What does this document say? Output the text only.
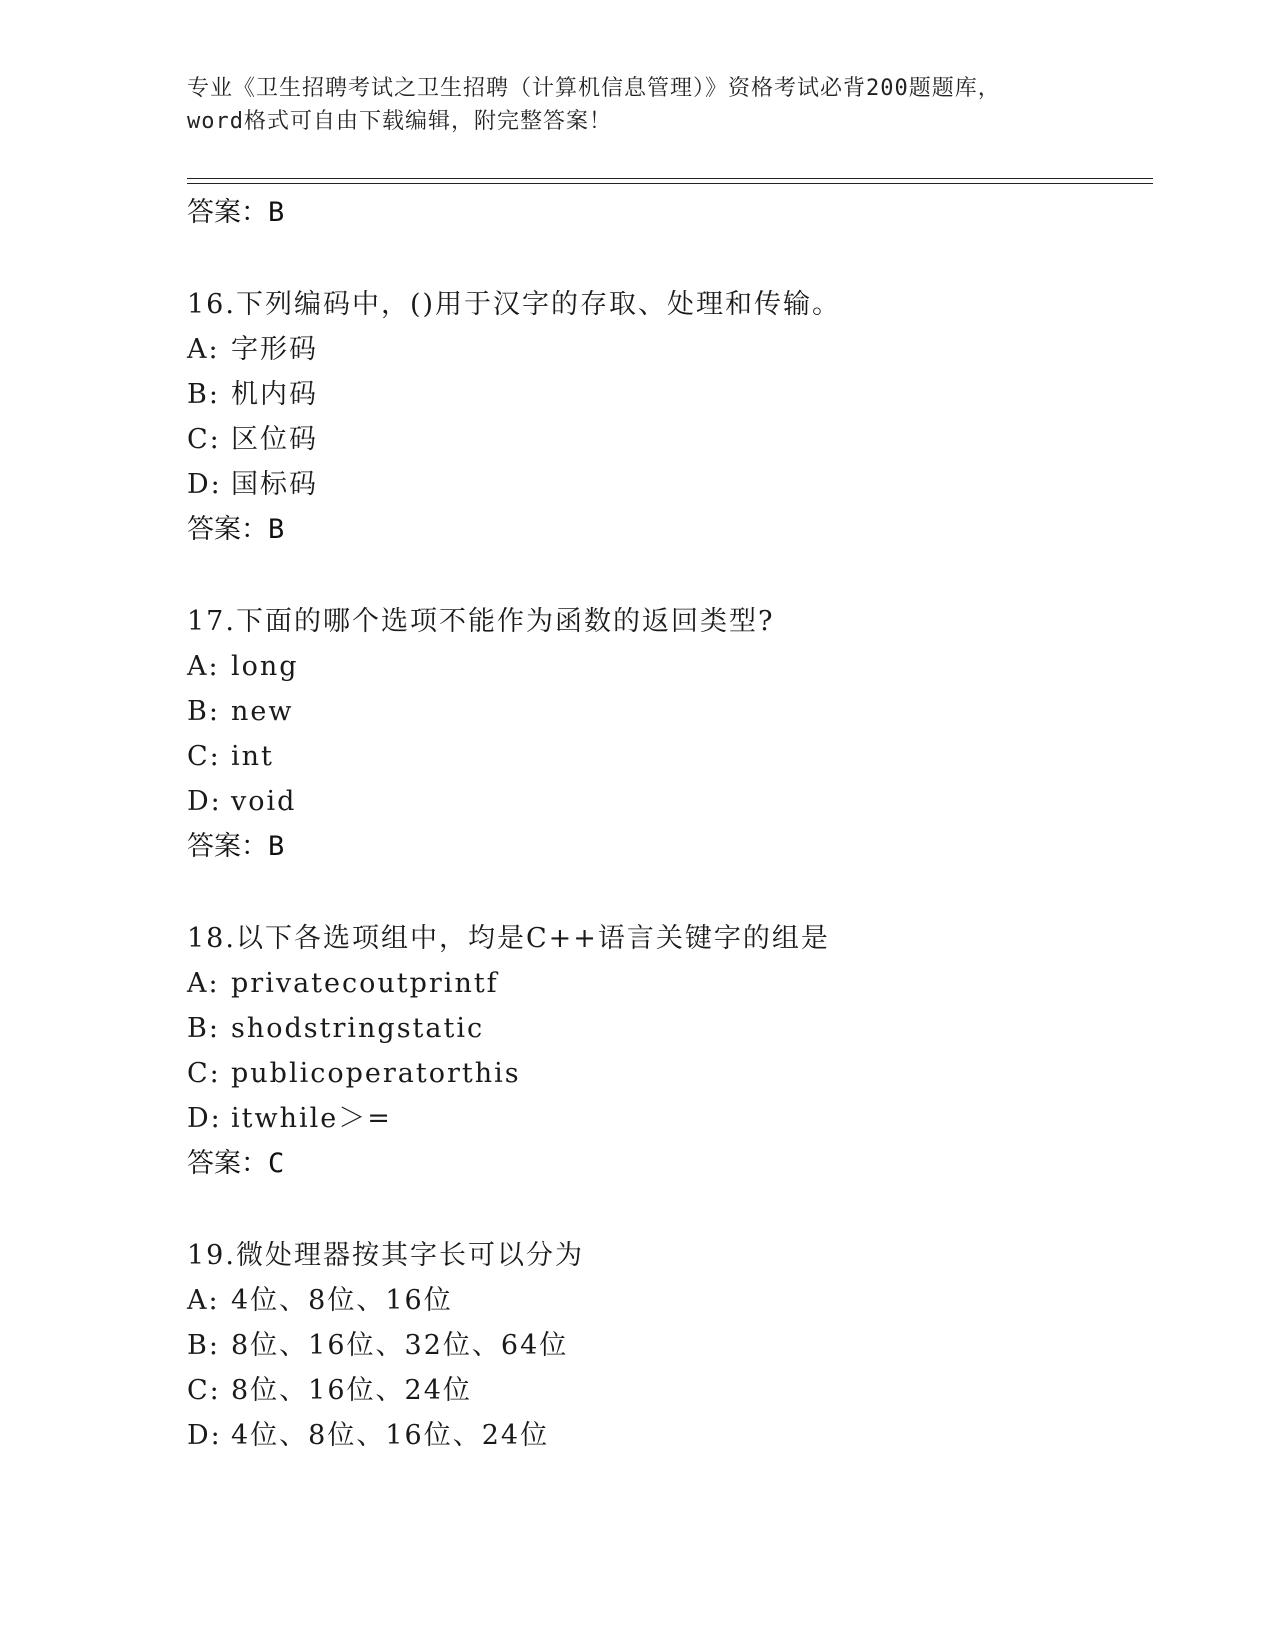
专业《卫生招聘考试之卫生招聘（计算机信息管理）》资格考试必背200题题库，
word格式可自由下载编辑，附完整答案！
答案：B
16.下列编码中，()用于汉字的存取、处理和传输。
A: 字形码
B: 机内码
C: 区位码
D: 国标码
答案：B
17.下面的哪个选项不能作为函数的返回类型?
A: long
B: new
C: int
D: void
答案：B
18.以下各选项组中，均是C++语言关键字的组是
A: privatecoutprintf
B: shodstringstatic
C: publicoperatorthis
D: itwhile＞=
答案：C
19.微处理器按其字长可以分为
A: 4位、8位、16位
B: 8位、16位、32位、64位
C: 8位、16位、24位
D: 4位、8位、16位、24位
